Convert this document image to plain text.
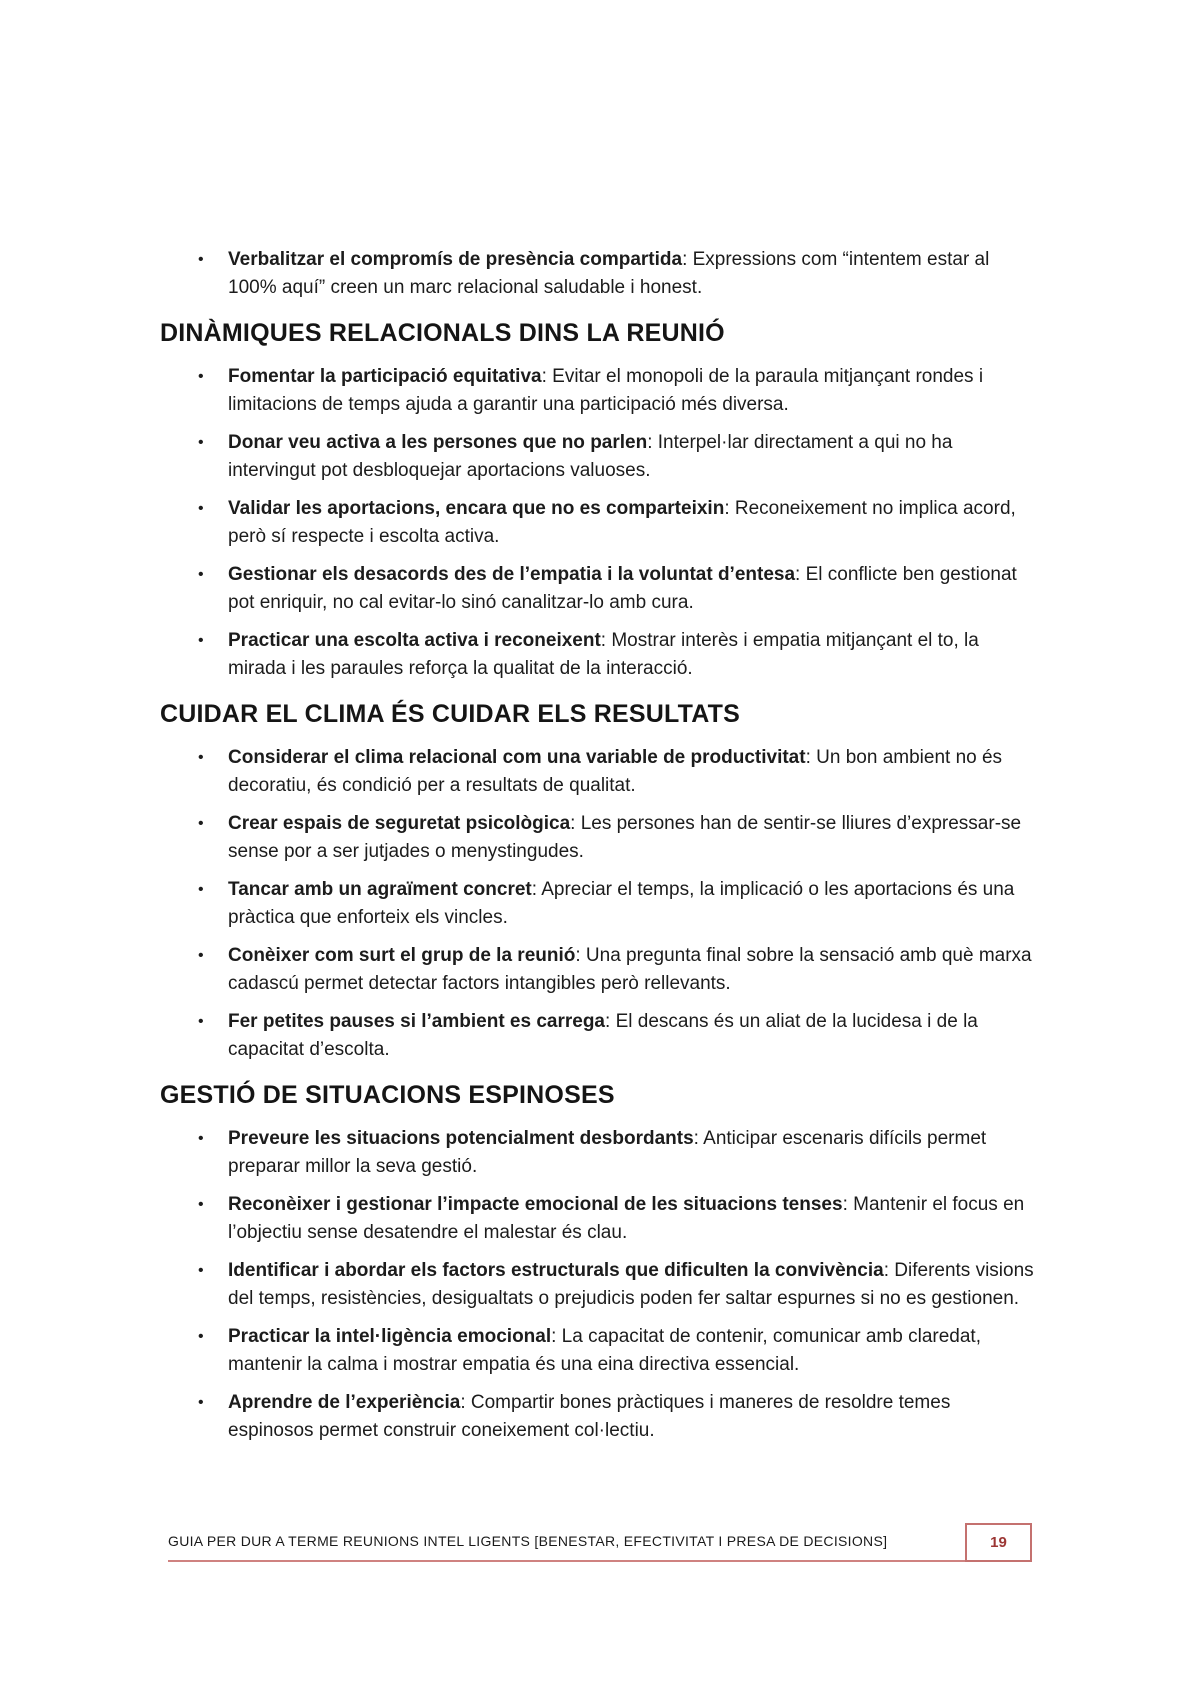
• Verbalitzar el compromís de presència compartida: Expressions com “intentem estar al 100% aquí” creen un marc relacional saludable i honest.

DINÀMIQUES RELACIONALS DINS LA REUNIÓ
• Fomentar la participació equitativa: Evitar el monopoli de la paraula mitjançant rondes i limitacions de temps ajuda a garantir una participació més diversa.

• Donar veu activa a les persones que no parlen: Interpel·lar directament a qui no ha intervingut pot desbloquejar aportacions valuoses.

• Validar les aportacions, encara que no es comparteixin: Reconeixement no implica acord, però sí respecte i escolta activa.

• Gestionar els desacords des de l’empatia i la voluntat d’entesa: El conflicte ben gestionat pot enriquir, no cal evitar-lo sinó canalitzar-lo amb cura.

• Practicar una escolta activa i reconeixent: Mostrar interès i empatia mitjançant el to, la mirada i les paraules reforça la qualitat de la interacció.

CUIDAR EL CLIMA ÉS CUIDAR ELS RESULTATS
• Considerar el clima relacional com una variable de productivitat: Un bon ambient no és decoratiu, és condició per a resultats de qualitat.

• Crear espais de seguretat psicològica: Les persones han de sentir-se lliures d’expressar-se sense por a ser jutjades o menystingudes.

• Tancar amb un agraïment concret: Apreciar el temps, la implicació o les aportacions és una pràctica que enforteix els vincles.

• Conèixer com surt el grup de la reunió: Una pregunta final sobre la sensació amb què marxa cadascú permet detectar factors intangibles però rellevants.

• Fer petites pauses si l’ambient es carrega: El descans és un aliat de la lucidesa i de la capacitat d’escolta.

GESTIÓ DE SITUACIONS ESPINOSES
• Preveure les situacions potencialment desbordants: Anticipar escenaris difícils permet preparar millor la seva gestió.

• Reconèixer i gestionar l’impacte emocional de les situacions tenses: Mantenir el focus en l’objectiu sense desatendre el malestar és clau.

• Identificar i abordar els factors estructurals que dificulten la convivència: Diferents visions del temps, resistències, desigualtats o prejudicis poden fer saltar espurnes si no es gestionen.

• Practicar la intel·ligència emocional: La capacitat de contenir, comunicar amb claredat, mantenir la calma i mostrar empatia és una eina directiva essencial.

• Aprendre de l’experiència: Compartir bones pràctiques i maneres de resoldre temes espinosos permet construir coneixement col·lectiu.

GUIA PER DUR A TERME REUNIONS INTEL LIGENTS [BENESTAR, EFECTIVITAT I PRESA DE DECISIONS]	19
